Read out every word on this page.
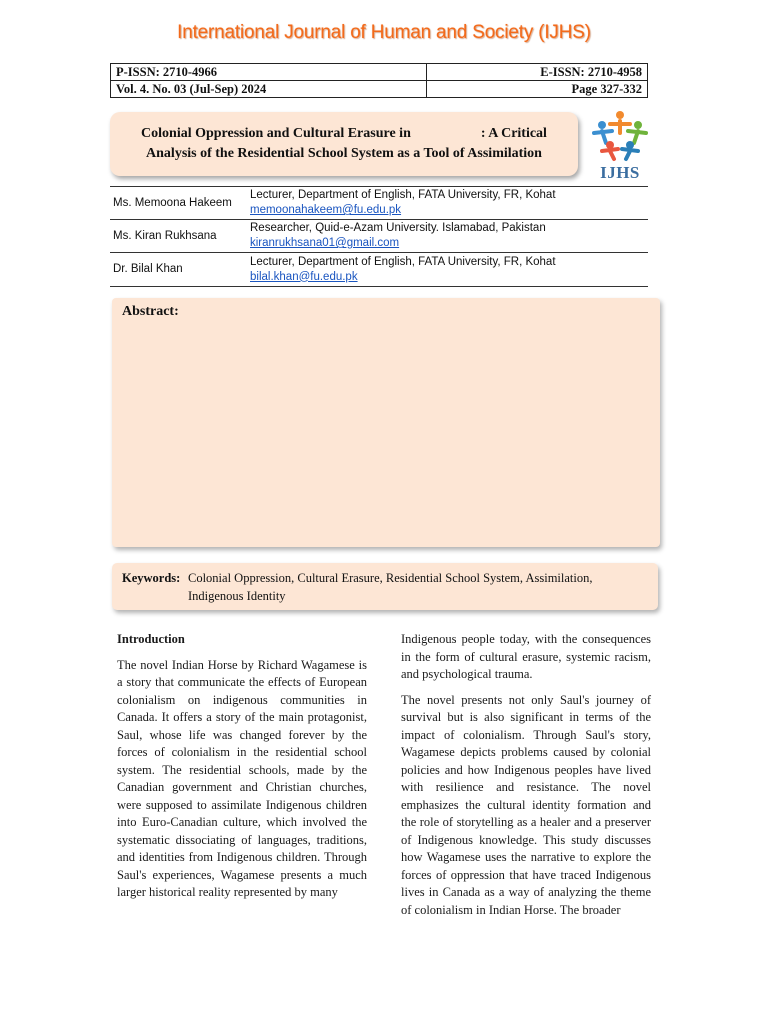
International Journal of Human and Society (IJHS)
P-ISSN: 2710-4966	E-ISSN: 2710-4958
Vol. 4. No. 03 (Jul-Sep) 2024	Page 327-332
Colonial Oppression and Cultural Erasure in                    : A Critical Analysis of the Residential School System as a Tool of Assimilation
IJHS
Ms. Memoona Hakeem	Lecturer, Department of English, FATA University, FR, Kohat
memoonahakeem@fu.edu.pk

Ms. Kiran Rukhsana	Researcher, Quid-e-Azam University. Islamabad, Pakistan
kiranrukhsana01@gmail.com

Dr. Bilal Khan	Lecturer, Department of English, FATA University, FR, Kohat
bilal.khan@fu.edu.pk
Abstract:
Keywords: Colonial Oppression, Cultural Erasure, Residential School System, Assimilation, Indigenous Identity
Introduction

The novel Indian Horse by Richard Wagamese is a story that communicate the effects of European colonialism on indigenous communities in Canada. It offers a story of the main protagonist, Saul, whose life was changed forever by the forces of colonialism in the residential school system. The residential schools, made by the Canadian government and Christian churches, were supposed to assimilate Indigenous children into Euro-Canadian culture, which involved the systematic dissociating of languages, traditions, and identities from Indigenous children. Through Saul's experiences, Wagamese presents a much larger historical reality represented by many

Indigenous people today, with the consequences in the form of cultural erasure, systemic racism, and psychological trauma.

The novel presents not only Saul's journey of survival but is also significant in terms of the impact of colonialism. Through Saul's story, Wagamese depicts problems caused by colonial policies and how Indigenous peoples have lived with resilience and resistance. The novel emphasizes the cultural identity formation and the role of storytelling as a healer and a preserver of Indigenous knowledge. This study discusses how Wagamese uses the narrative to explore the forces of oppression that have traced Indigenous lives in Canada as a way of analyzing the theme of colonialism in Indian Horse. The broader
